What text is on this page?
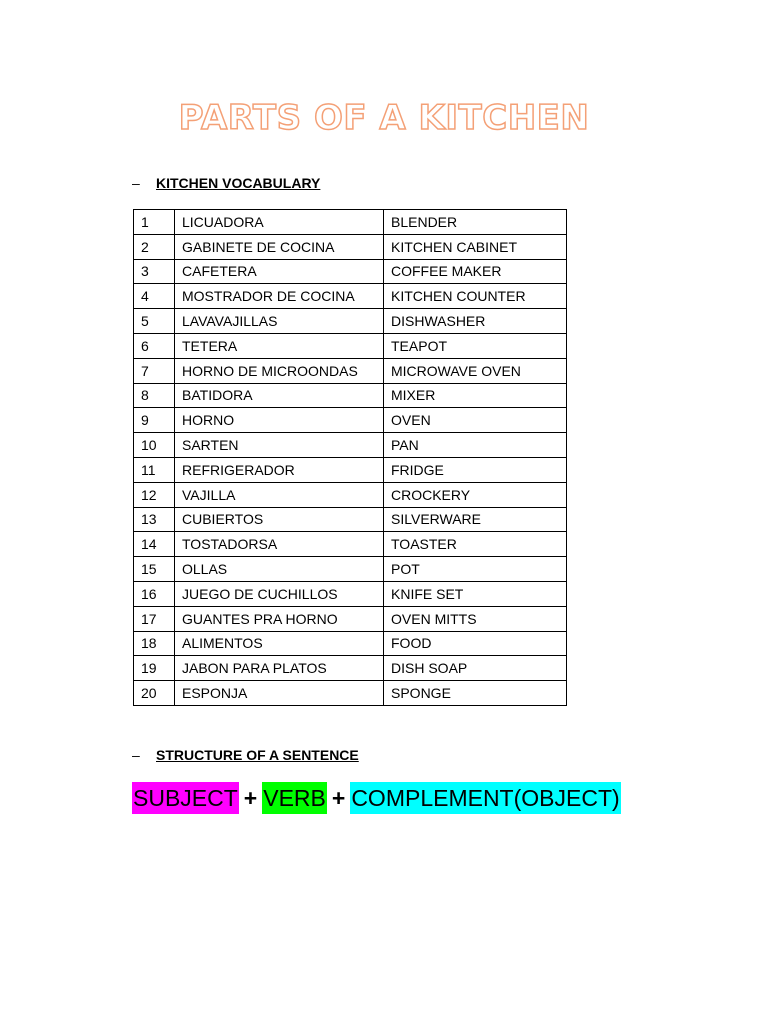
PARTS OF A KITCHEN
– KITCHEN VOCABULARY
1	LICUADORA	BLENDER
2	GABINETE DE COCINA	KITCHEN CABINET
3	CAFETERA	COFFEE MAKER
4	MOSTRADOR DE COCINA	KITCHEN COUNTER
5	LAVAVAJILLAS	DISHWASHER
6	TETERA	TEAPOT
7	HORNO DE MICROONDAS	MICROWAVE OVEN
8	BATIDORA	MIXER
9	HORNO	OVEN
10	SARTEN	PAN
11	REFRIGERADOR	FRIDGE
12	VAJILLA	CROCKERY
13	CUBIERTOS	SILVERWARE
14	TOSTADORSA	TOASTER
15	OLLAS	POT
16	JUEGO DE CUCHILLOS	KNIFE SET
17	GUANTES PRA HORNO	OVEN MITTS
18	ALIMENTOS	FOOD
19	JABON PARA PLATOS	DISH SOAP
20	ESPONJA	SPONGE
– STRUCTURE OF A SENTENCE
SUBJECT + VERB + COMPLEMENT(OBJECT)
